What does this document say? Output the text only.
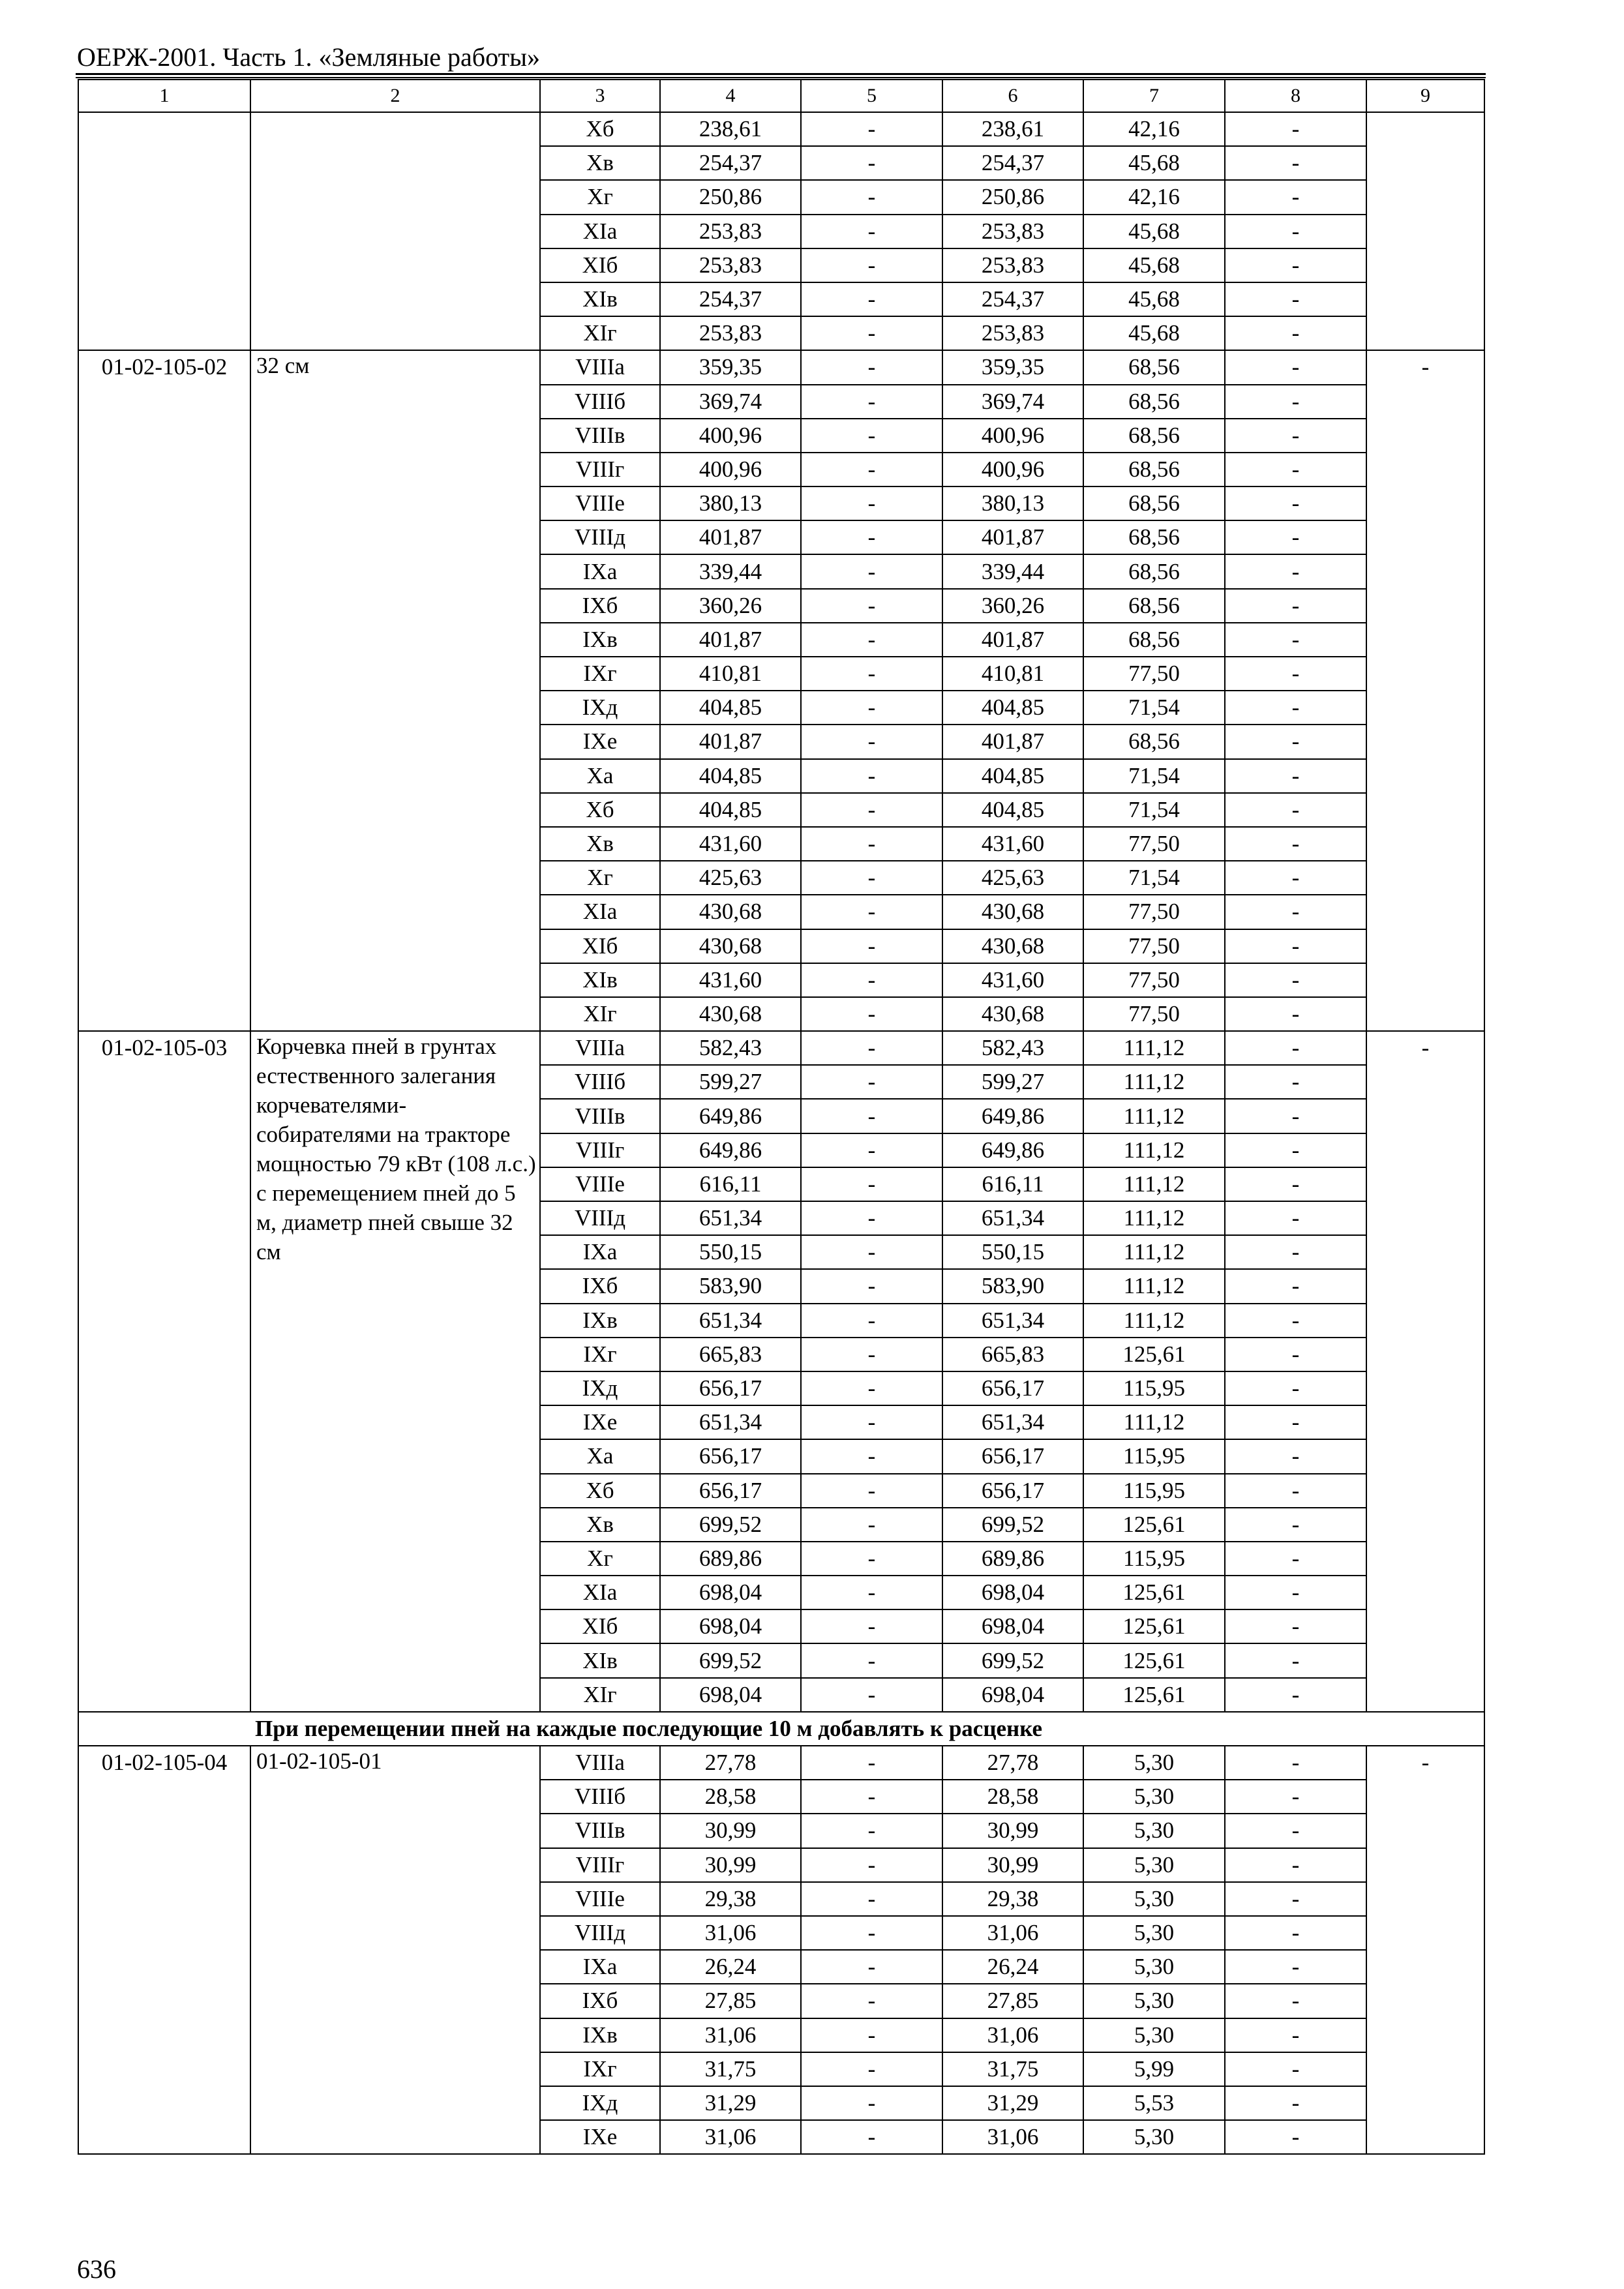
ОЕРЖ-2001. Часть 1. «Земляные работы»
1	2	3	4	5	6	7	8	9
		Xб	238,61	-	238,61	42,16	-	
		Xв	254,37	-	254,37	45,68	-	
		Xг	250,86	-	250,86	42,16	-	
		XIa	253,83	-	253,83	45,68	-	
		XIб	253,83	-	253,83	45,68	-	
		XIв	254,37	-	254,37	45,68	-	
		XIг	253,83	-	253,83	45,68	-	
01-02-105-02	32 см	VIIIa	359,35	-	359,35	68,56	-	-
		VIIIб	369,74	-	369,74	68,56	-	
		VIIIв	400,96	-	400,96	68,56	-	
		VIIIг	400,96	-	400,96	68,56	-	
		VIIIe	380,13	-	380,13	68,56	-	
		VIIIд	401,87	-	401,87	68,56	-	
		IXa	339,44	-	339,44	68,56	-	
		IXб	360,26	-	360,26	68,56	-	
		IXв	401,87	-	401,87	68,56	-	
		IXг	410,81	-	410,81	77,50	-	
		IXд	404,85	-	404,85	71,54	-	
		IXe	401,87	-	401,87	68,56	-	
		Xa	404,85	-	404,85	71,54	-	
		Xб	404,85	-	404,85	71,54	-	
		Xв	431,60	-	431,60	77,50	-	
		Xг	425,63	-	425,63	71,54	-	
		XIa	430,68	-	430,68	77,50	-	
		XIб	430,68	-	430,68	77,50	-	
		XIв	431,60	-	431,60	77,50	-	
		XIг	430,68	-	430,68	77,50	-	
01-02-105-03	Корчевка пней в грунтах естественного залегания корчевателями-собирателями на тракторе мощностью 79 кВт (108 л.с.) с перемещением пней до 5 м, диаметр пней свыше 32 см	VIIIa	582,43	-	582,43	111,12	-	-
		VIIIб	599,27	-	599,27	111,12	-	
		VIIIв	649,86	-	649,86	111,12	-	
		VIIIг	649,86	-	649,86	111,12	-	
		VIIIe	616,11	-	616,11	111,12	-	
		VIIIд	651,34	-	651,34	111,12	-	
		IXa	550,15	-	550,15	111,12	-	
		IXб	583,90	-	583,90	111,12	-	
		IXв	651,34	-	651,34	111,12	-	
		IXг	665,83	-	665,83	125,61	-	
		IXд	656,17	-	656,17	115,95	-	
		IXe	651,34	-	651,34	111,12	-	
		Xa	656,17	-	656,17	115,95	-	
		Xб	656,17	-	656,17	115,95	-	
		Xв	699,52	-	699,52	125,61	-	
		Xг	689,86	-	689,86	115,95	-	
		XIa	698,04	-	698,04	125,61	-	
		XIб	698,04	-	698,04	125,61	-	
		XIв	699,52	-	699,52	125,61	-	
		XIг	698,04	-	698,04	125,61	-	
При перемещении пней на каждые последующие 10 м добавлять к расценке								
01-02-105-04	01-02-105-01	VIIIa	27,78	-	27,78	5,30	-	-
		VIIIб	28,58	-	28,58	5,30	-	
		VIIIв	30,99	-	30,99	5,30	-	
		VIIIг	30,99	-	30,99	5,30	-	
		VIIIe	29,38	-	29,38	5,30	-	
		VIIIд	31,06	-	31,06	5,30	-	
		IXa	26,24	-	26,24	5,30	-	
		IXб	27,85	-	27,85	5,30	-	
		IXв	31,06	-	31,06	5,30	-	
		IXг	31,75	-	31,75	5,99	-	
		IXд	31,29	-	31,29	5,53	-	
		IXe	31,06	-	31,06	5,30	-	
636
